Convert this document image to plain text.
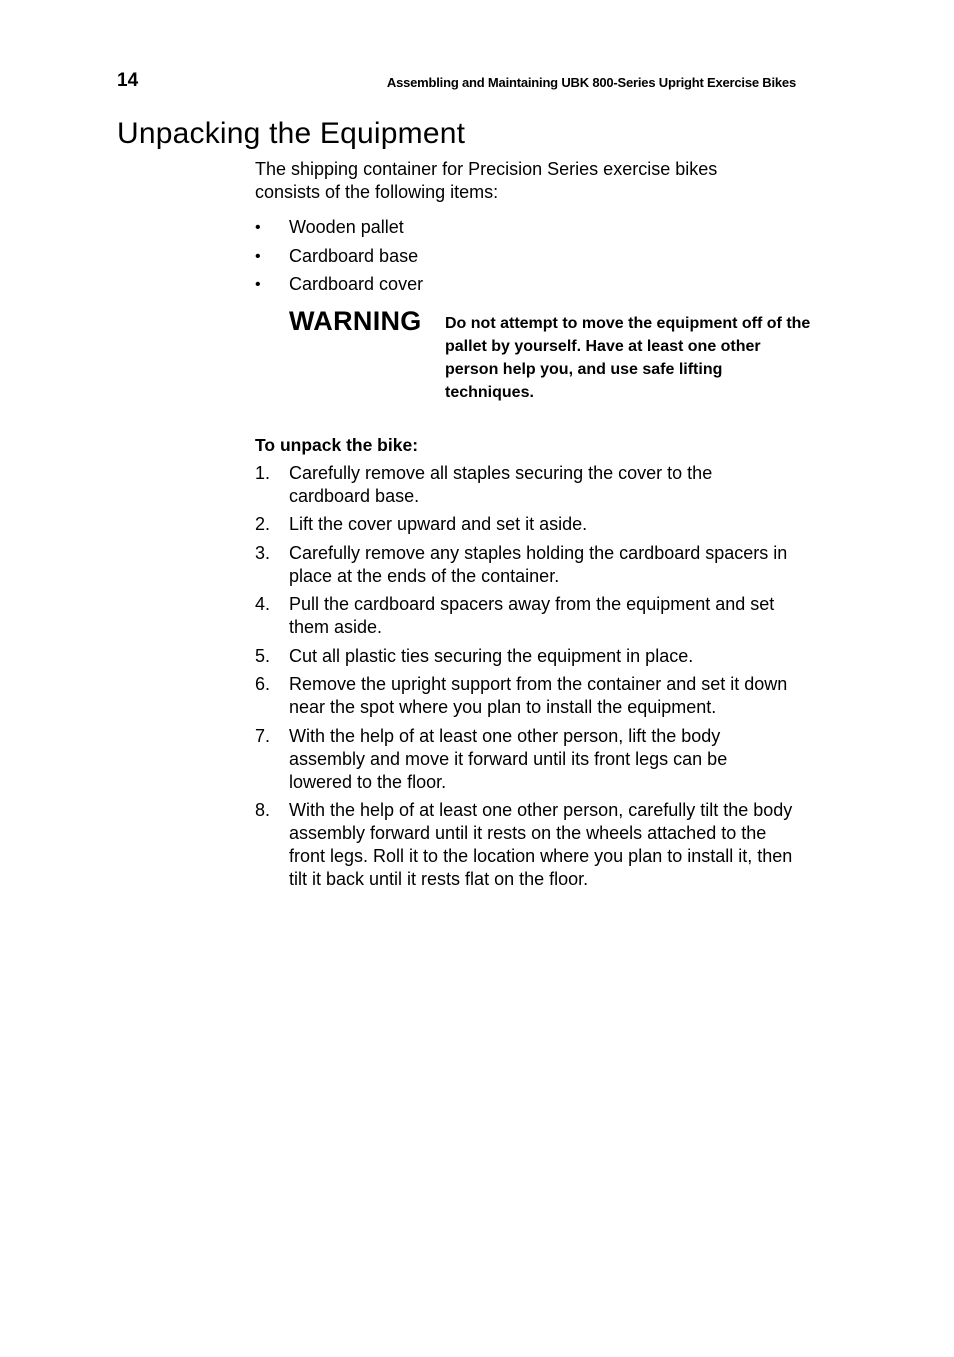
14	Assembling and Maintaining UBK 800-Series Upright Exercise Bikes
Unpacking the Equipment

The shipping container for Precision Series exercise bikes consists of the following items:

•	Wooden pallet
•	Cardboard base
•	Cardboard cover
WARNING	Do not attempt to move the equipment off of the pallet by yourself. Have at least one other person help you, and use safe lifting techniques.
To unpack the bike:
1.	Carefully remove all staples securing the cover to the cardboard base.
2.	Lift the cover upward and set it aside.
3.	Carefully remove any staples holding the cardboard spacers in place at the ends of the container.
4.	Pull the cardboard spacers away from the equipment and set them aside.
5.	Cut all plastic ties securing the equipment in place.
6.	Remove the upright support from the container and set it down near the spot where you plan to install the equipment.
7.	With the help of at least one other person, lift the body assembly and move it forward until its front legs can be lowered to the floor.
8.	With the help of at least one other person, carefully tilt the body assembly forward until it rests on the wheels attached to the front legs. Roll it to the location where you plan to install it, then tilt it back until it rests flat on the floor.
